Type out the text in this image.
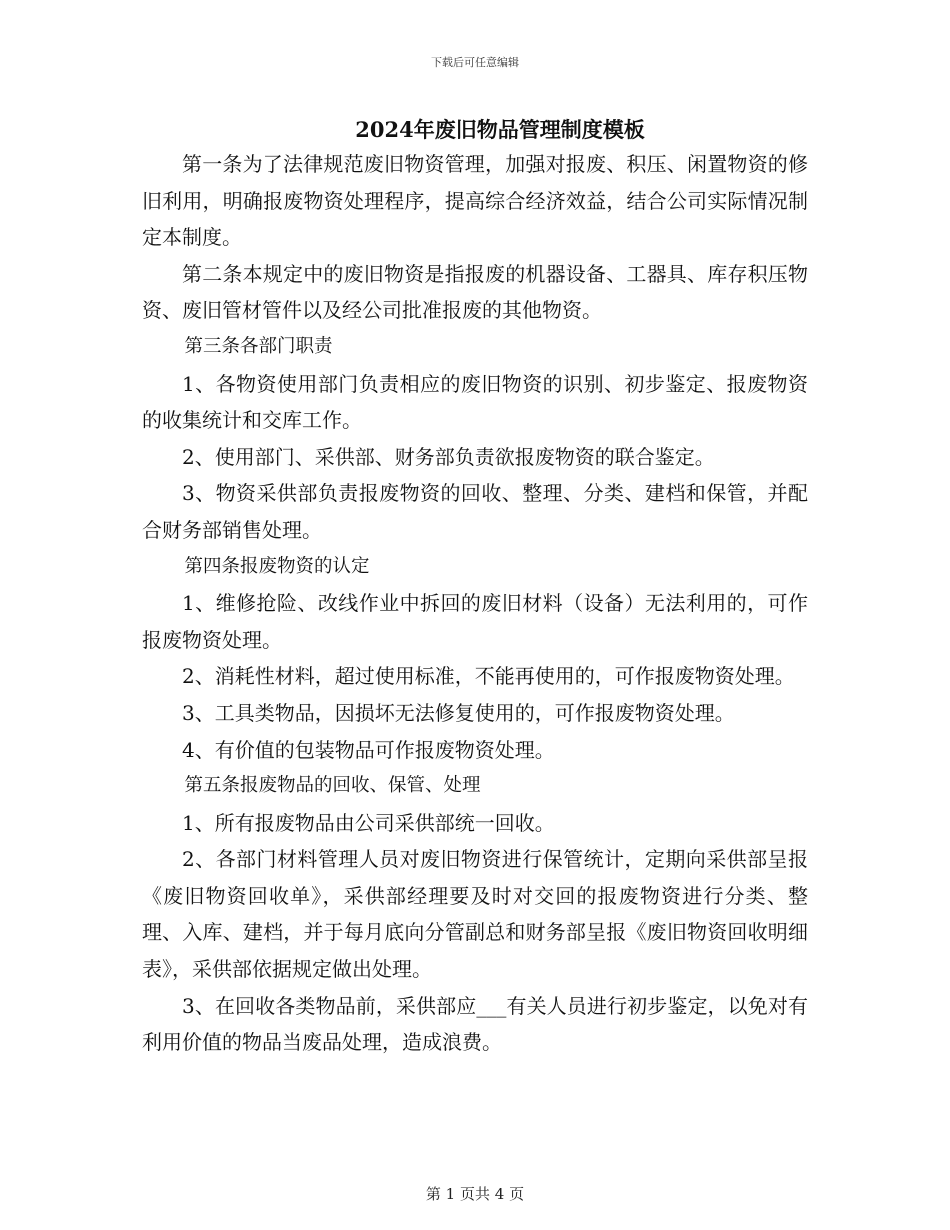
下载后可任意编辑
2024年废旧物品管理制度模板

第一条为了法律规范废旧物资管理，加强对报废、积压、闲置物资的修旧利用，明确报废物资处理程序，提高综合经济效益，结合公司实际情况制定本制度。

第二条本规定中的废旧物资是指报废的机器设备、工器具、库存积压物资、废旧管材管件以及经公司批准报废的其他物资。

第三条各部门职责

1、各物资使用部门负责相应的废旧物资的识别、初步鉴定、报废物资的收集统计和交库工作。

2、使用部门、采供部、财务部负责欲报废物资的联合鉴定。

3、物资采供部负责报废物资的回收、整理、分类、建档和保管，并配合财务部销售处理。

第四条报废物资的认定

1、维修抢险、改线作业中拆回的废旧材料（设备）无法利用的，可作报废物资处理。

2、消耗性材料，超过使用标准，不能再使用的，可作报废物资处理。

3、工具类物品，因损坏无法修复使用的，可作报废物资处理。

4、有价值的包装物品可作报废物资处理。

第五条报废物品的回收、保管、处理

1、所有报废物品由公司采供部统一回收。

2、各部门材料管理人员对废旧物资进行保管统计，定期向采供部呈报《废旧物资回收单》，采供部经理要及时对交回的报废物资进行分类、整理、入库、建档，并于每月底向分管副总和财务部呈报《废旧物资回收明细表》，采供部依据规定做出处理。

3、在回收各类物品前，采供部应___有关人员进行初步鉴定，以免对有利用价值的物品当废品处理，造成浪费。

第 1 页共 4 页
